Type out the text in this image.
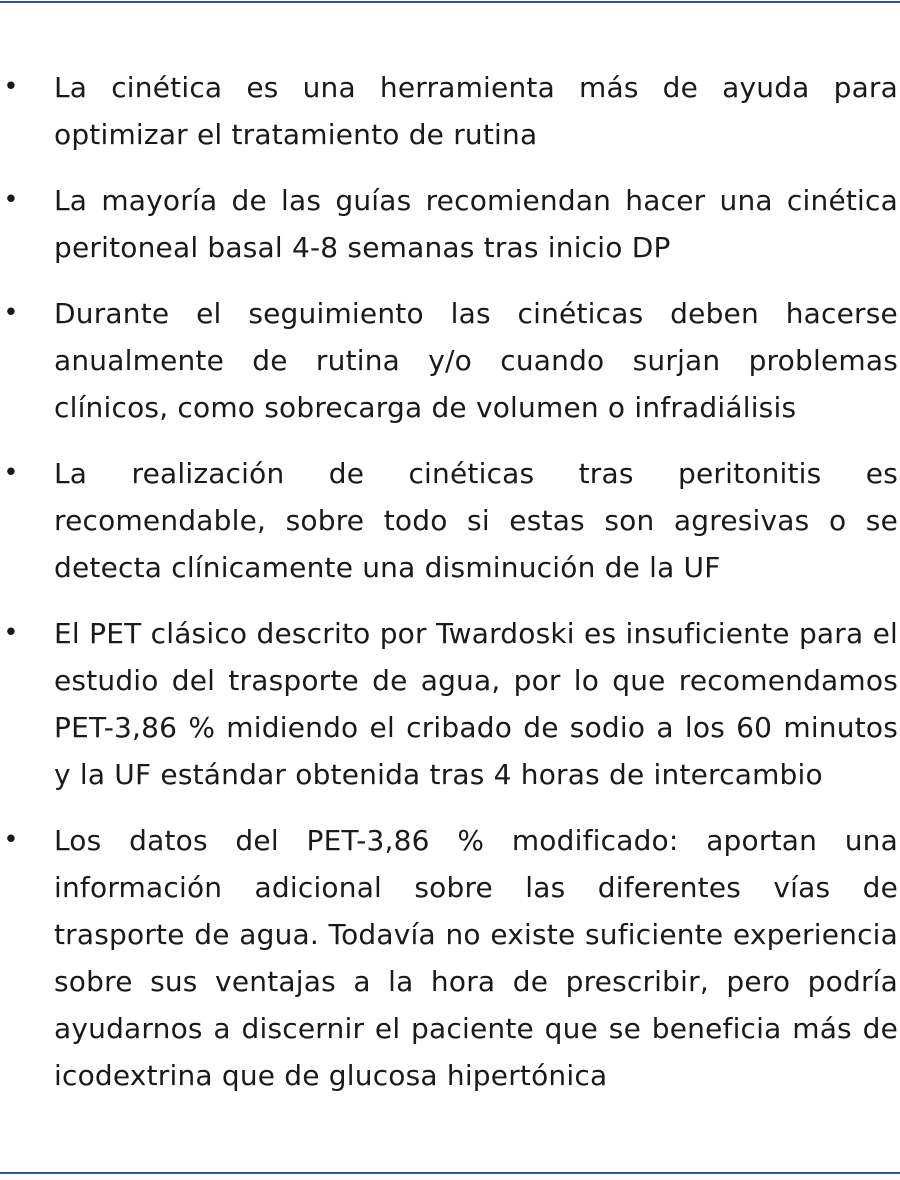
• La cinética es una herramienta más de ayuda para optimizar el tratamiento de rutina
• La mayoría de las guías recomiendan hacer una cinética peritoneal basal 4-8 semanas tras inicio DP
• Durante el seguimiento las cinéticas deben hacerse anualmente de rutina y/o cuando surjan problemas clínicos, como sobrecarga de volumen o infradiálisis
• La realización de cinéticas tras peritonitis es recomendable, sobre todo si estas son agresivas o se detecta clínicamente una disminución de la UF
• El PET clásico descrito por Twardoski es insuficiente para el estudio del trasporte de agua, por lo que recomendamos PET-3,86 % midiendo el cribado de sodio a los 60 minutos y la UF estándar obtenida tras 4 horas de intercambio
• Los datos del PET-3,86 % modificado: aportan una información adicional sobre las diferentes vías de trasporte de agua. Todavía no existe suficiente experiencia sobre sus ventajas a la hora de prescribir, pero podría ayudarnos a discernir el paciente que se beneficia más de icodextrina que de glucosa hipertónica
